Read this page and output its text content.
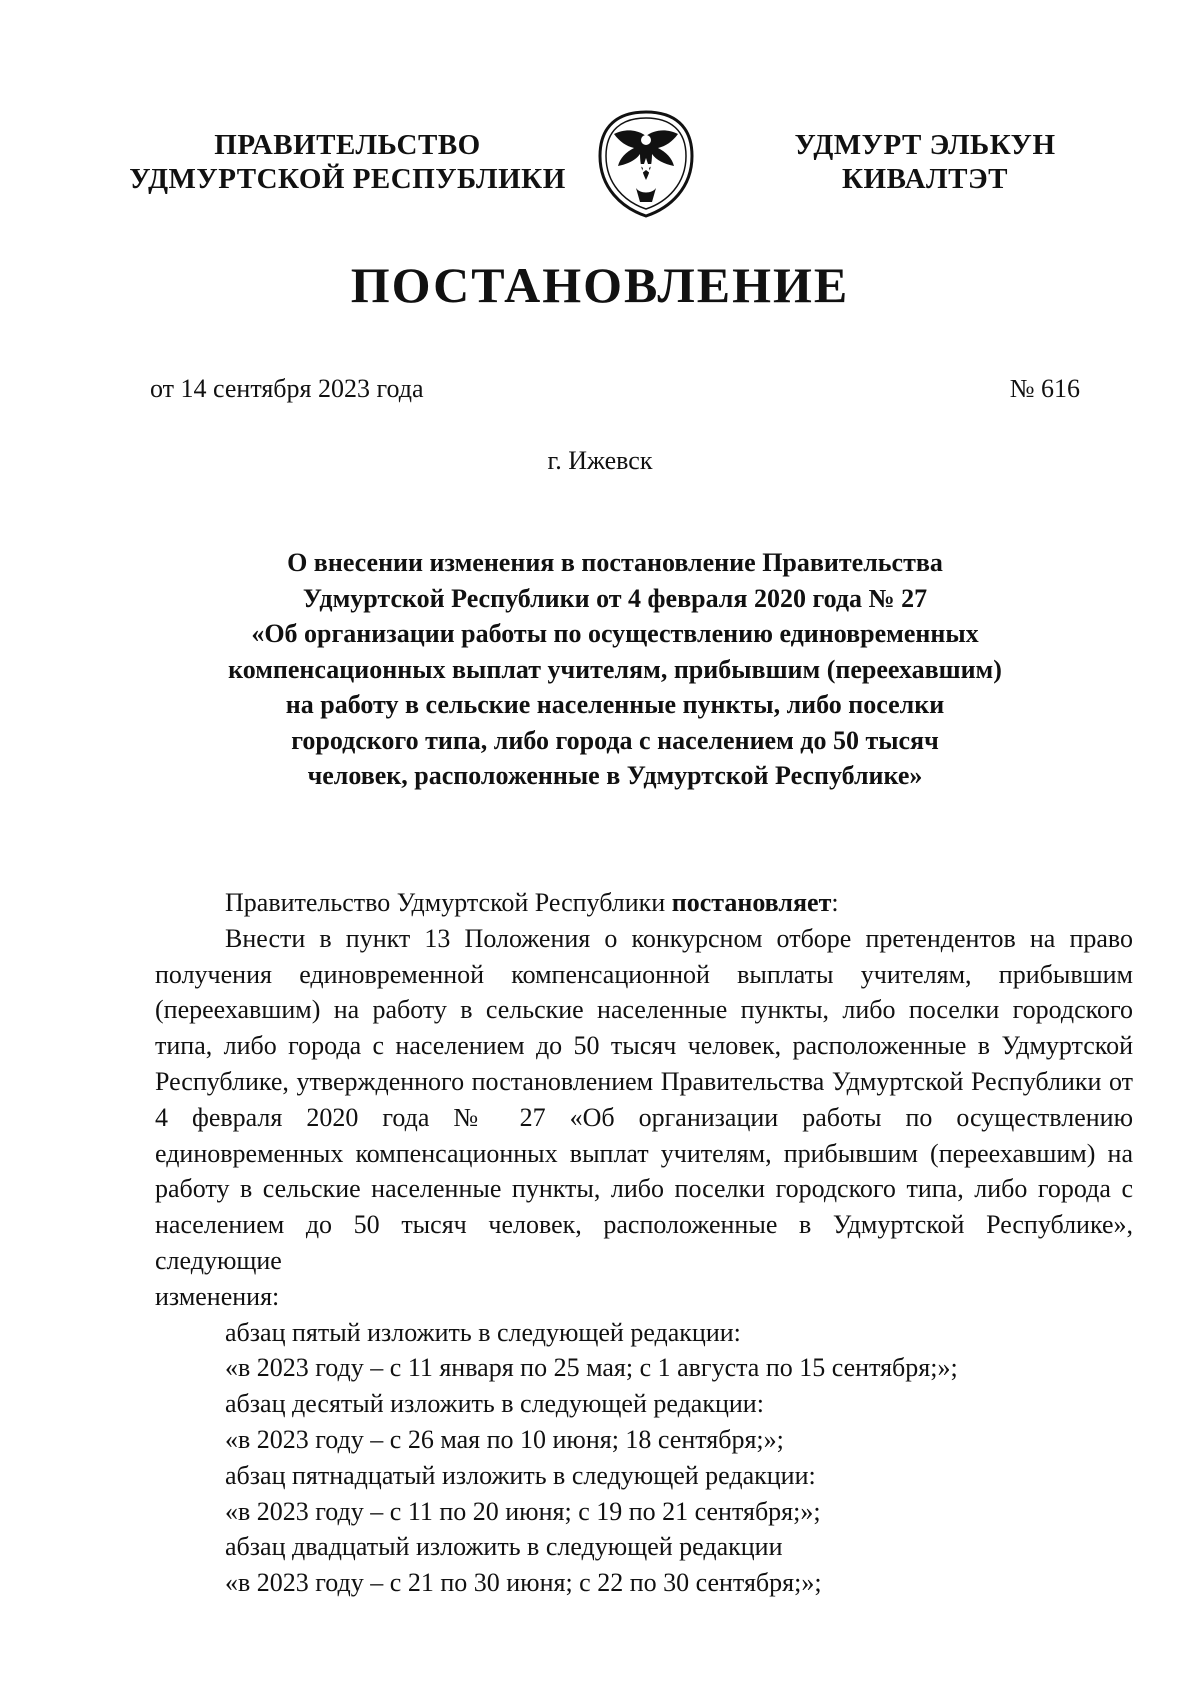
ПРАВИТЕЛЬСТВО
УДМУРТСКОЙ РЕСПУБЛИКИ
УДМУРТ ЭЛЬКУН
КИВАЛТЭТ
ПОСТАНОВЛЕНИЕ
от 14 сентября 2023 года	№ 616
г. Ижевск
О внесении изменения в постановление Правительства
Удмуртской Республики от 4 февраля 2020 года № 27
«Об организации работы по осуществлению единовременных
компенсационных выплат учителям, прибывшим (переехавшим)
на работу в сельские населенные пункты, либо поселки
городского типа, либо города с населением до 50 тысяч
человек, расположенные в Удмуртской Республике»

Правительство Удмуртской Республики постановляет:

Внести в пункт 13 Положения о конкурсном отборе претендентов на право получения единовременной компенсационной выплаты учителям, прибывшим (переехавшим) на работу в сельские населенные пункты, либо поселки городского типа, либо города с населением до 50 тысяч человек, расположенные в Удмуртской Республике, утвержденного постановлением Правительства Удмуртской Республики от 4 февраля 2020 года № 27 «Об организации работы по осуществлению единовременных компенсационных выплат учителям, прибывшим (переехавшим) на работу в сельские населенные пункты, либо поселки городского типа, либо города с населением до 50 тысяч человек, расположенные в Удмуртской Республике», следующие

изменения:

абзац пятый изложить в следующей редакции:
«в 2023 году – с 11 января по 25 мая; с 1 августа по 15 сентября;»;
абзац десятый изложить в следующей редакции:
«в 2023 году – с 26 мая по 10 июня; 18 сентября;»;
абзац пятнадцатый изложить в следующей редакции:
«в 2023 году – с 11 по 20 июня; с 19 по 21 сентября;»;
абзац двадцатый изложить в следующей редакции
«в 2023 году – с 21 по 30 июня; с 22 по 30 сентября;»;
